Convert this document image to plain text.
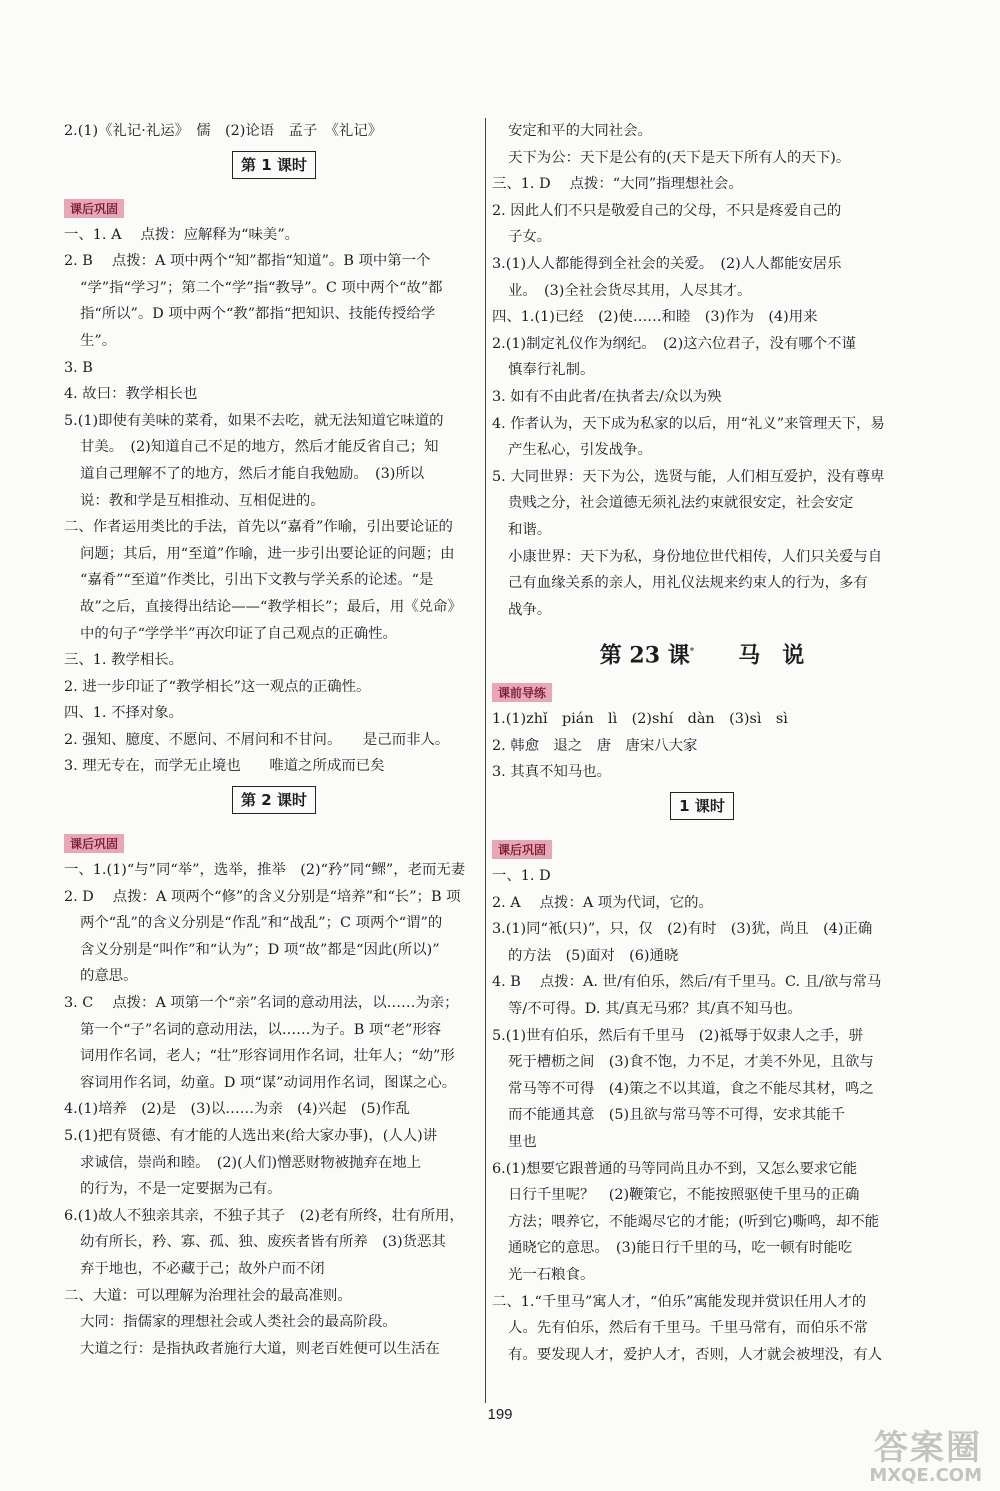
2.(1)《礼记·礼运》　儒　(2)论语　孟子　《礼记》
第 1 课时
课后巩固
一、1. A　 点拨：应解释为“味美”。
2. B　 点拨：A 项中两个“知”都指“知道”。B 项中第一个
“学”指“学习”；第二个“学”指“教导”。C 项中两个“故”都
指“所以”。D 项中两个“教”都指“把知识、技能传授给学
生”。
3. B
4. 故曰：教学相长也
5.(1)即使有美味的菜肴，如果不去吃，就无法知道它味道的
甘美。　(2)知道自己不足的地方，然后才能反省自己；知
道自己理解不了的地方，然后才能自我勉励。　(3)所以
说：教和学是互相推动、互相促进的。
二、作者运用类比的手法，首先以“嘉肴”作喻，引出要论证的
问题；其后，用“至道”作喻，进一步引出要论证的问题；由
“嘉肴”“至道”作类比，引出下文教与学关系的论述。“是
故”之后，直接得出结论——“教学相长”；最后，用《兑命》
中的句子“学学半”再次印证了自己观点的正确性。
三、1. 教学相长。
2. 进一步印证了“教学相长”这一观点的正确性。
四、1. 不择对象。
2. 强知、臆度、不愿问、不屑问和不甘问。　　是己而非人。
3. 理无专在，而学无止境也　　唯道之所成而已矣
第 2 课时
课后巩固
一、1.(1)“与”同“举”，选举，推举　(2)“矜”同“鳏”，老而无妻
2. D　 点拨：A 项两个“修”的含义分别是“培养”和“长”；B 项
两个“乱”的含义分别是“作乱”和“战乱”；C 项两个“谓”的
含义分别是“叫作”和“认为”；D 项“故”都是“因此(所以)”
的意思。
3. C　 点拨：A 项第一个“亲”名词的意动用法，以……为亲；
第一个“子”名词的意动用法，以……为子。B 项“老”形容
词用作名词，老人；“壮”形容词用作名词，壮年人；“幼”形
容词用作名词，幼童。D 项“谋”动词用作名词，图谋之心。
4.(1)培养　(2)是　(3)以……为亲　(4)兴起　(5)作乱
5.(1)把有贤德、有才能的人选出来(给大家办事)，(人人)讲
求诚信，崇尚和睦。　(2)(人们)憎恶财物被抛弃在地上
的行为，不是一定要据为己有。
6.(1)故人不独亲其亲，不独子其子　(2)老有所终，壮有所用，
幼有所长，矜、寡、孤、独、废疾者皆有所养　(3)货恶其
弃于地也，不必藏于己；故外户而不闭
二、大道：可以理解为治理社会的最高准则。
大同：指儒家的理想社会或人类社会的最高阶段。
大道之行：是指执政者施行大道，则老百姓便可以生活在
安定和平的大同社会。
天下为公：天下是公有的(天下是天下所有人的天下)。
三、1. D　 点拨：“大同”指理想社会。
2. 因此人们不只是敬爱自己的父母，不只是疼爱自己的
子女。
3.(1)人人都能得到全社会的关爱。　(2)人人都能安居乐
业。　(3)全社会货尽其用，人尽其才。
四、1.(1)已经　(2)使……和睦　(3)作为　(4)用来
2.(1)制定礼仪作为纲纪。　(2)这六位君子，没有哪个不谨
慎奉行礼制。
3. 如有不由此者/在执者去/众以为殃
4. 作者认为，天下成为私家的以后，用“礼义”来管理天下，易
产生私心，引发战争。
5. 大同世界：天下为公，选贤与能，人们相互爱护，没有尊卑
贵贱之分，社会道德无须礼法约束就很安定，社会安定
和谐。
小康世界：天下为私，身份地位世代相传，人们只关爱与自
己有血缘关系的亲人，用礼仪法规来约束人的行为，多有
战争。
第 23 课*　　 马　说
课前导练
1.(1)zhǐ　pián　lì　(2)shí　dàn　(3)sì　sì
2. 韩愈　退之　唐　唐宋八大家
3. 其真不知马也。
1 课时
课后巩固
一、1. D
2. A　 点拨：A 项为代词，它的。
3.(1)同“衹(只)”，只，仅　(2)有时　(3)犹，尚且　(4)正确
的方法　(5)面对　(6)通晓
4. B　 点拨：A. 世/有伯乐，然后/有千里马。C. 且/欲与常马
等/不可得。D. 其/真无马邪？其/真不知马也。
5.(1)世有伯乐，然后有千里马　(2)祗辱于奴隶人之手，骈
死于槽枥之间　(3)食不饱，力不足，才美不外见，且欲与
常马等不可得　(4)策之不以其道，食之不能尽其材，鸣之
而不能通其意　(5)且欲与常马等不可得，安求其能千
里也
6.(1)想要它跟普通的马等同尚且办不到，又怎么要求它能
日行千里呢？　(2)鞭策它，不能按照驱使千里马的正确
方法；喂养它，不能竭尽它的才能；(听到它)嘶鸣，却不能
通晓它的意思。　(3)能日行千里的马，吃一顿有时能吃
光一石粮食。
二、1.“千里马”寓人才，“伯乐”寓能发现并赏识任用人才的
人。先有伯乐，然后有千里马。千里马常有，而伯乐不常
有。要发现人才，爱护人才，否则，人才就会被埋没，有人
199
答案圈
MXQE.COM
